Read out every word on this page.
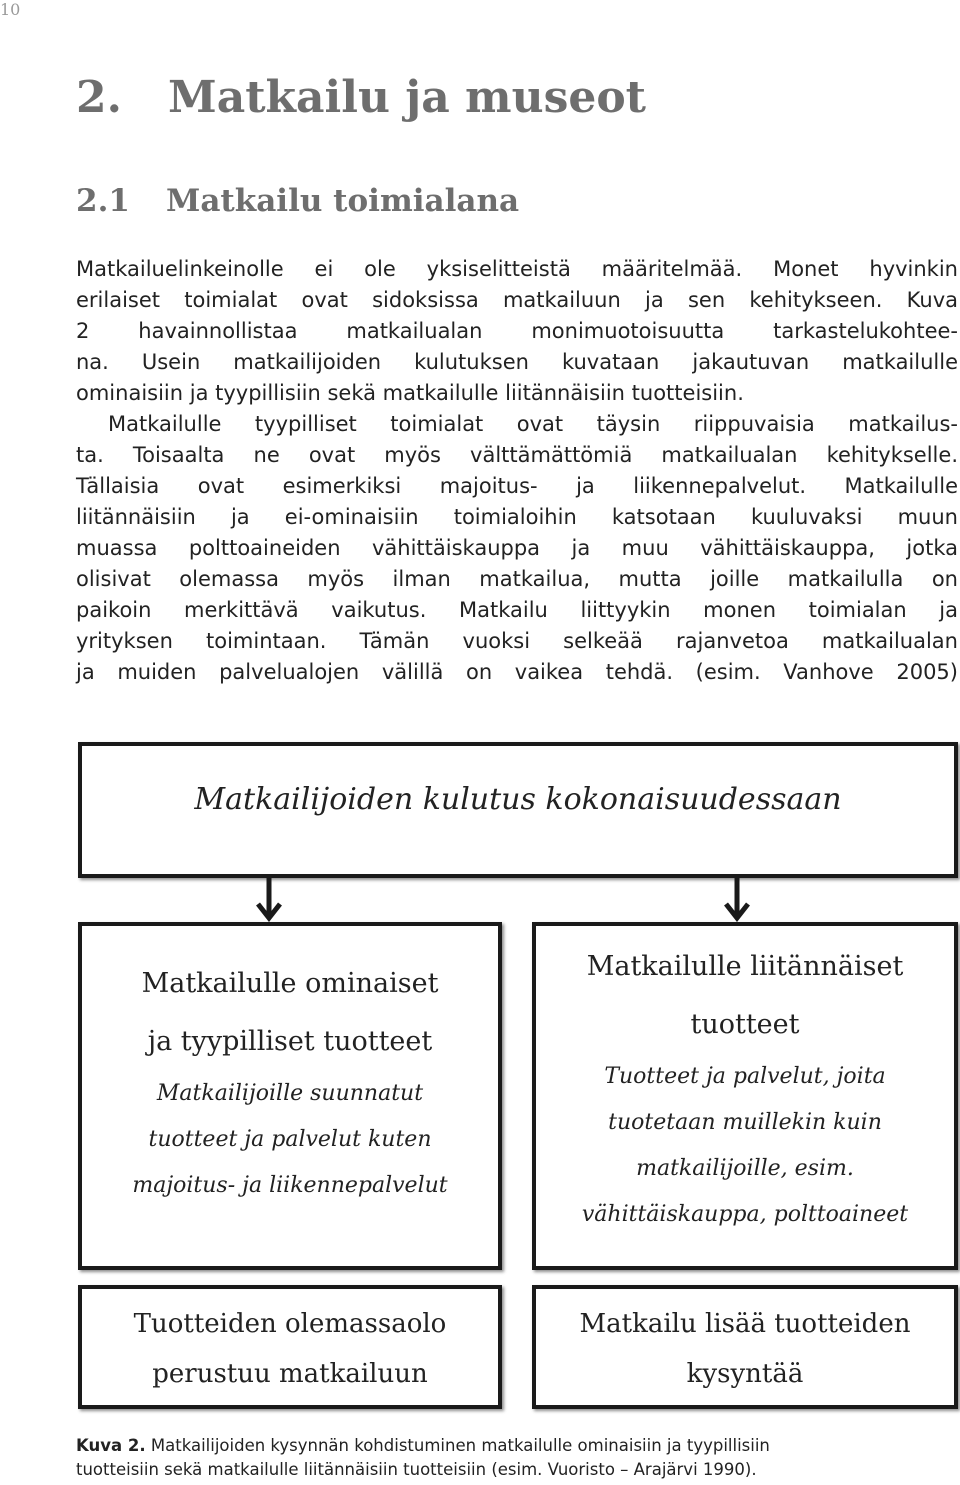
10
2. Matkailu ja museot
2.1 Matkailu toimialana
Matkailuelinkeinolle ei ole yksiselitteistä määritelmää. Monet hyvinkin
erilaiset toimialat ovat sidoksissa matkailuun ja sen kehitykseen. Kuva
2 havainnollistaa matkailualan monimuotoisuutta tarkastelukohtee-
na. Usein matkailijoiden kulutuksen kuvataan jakautuvan matkailulle
ominaisiin ja tyypillisiin sekä matkailulle liitännäisiin tuotteisiin.
Matkailulle tyypilliset toimialat ovat täysin riippuvaisia matkailus-
ta. Toisaalta ne ovat myös välttämättömiä matkailualan kehitykselle.
Tällaisia ovat esimerkiksi majoitus- ja liikennepalvelut. Matkailulle
liitännäisiin ja ei-ominaisiin toimialoihin katsotaan kuuluvaksi muun
muassa polttoaineiden vähittäiskauppa ja muu vähittäiskauppa, jotka
olisivat olemassa myös ilman matkailua, mutta joille matkailulla on
paikoin merkittävä vaikutus. Matkailu liittyykin monen toimialan ja
yrityksen toimintaan. Tämän vuoksi selkeää rajanvetoa matkailualan
ja muiden palvelualojen välillä on vaikea tehdä. (esim. Vanhove 2005)
Matkailijoiden kulutus kokonaisuudessaan
Matkailulle ominaiset
ja tyypilliset tuotteet
Matkailijoille suunnatut
tuotteet ja palvelut kuten
majoitus- ja liikennepalvelut
Matkailulle liitännäiset
tuotteet
Tuotteet ja palvelut, joita
tuotetaan muillekin kuin
matkailijoille, esim.
vähittäiskauppa, polttoaineet
Tuotteiden olemassaolo
perustuu matkailuun
Matkailu lisää tuotteiden
kysyntää
Kuva 2. Matkailijoiden kysynnän kohdistuminen matkailulle ominaisiin ja tyypillisiin
tuotteisiin sekä matkailulle liitännäisiin tuotteisiin (esim. Vuoristo – Arajärvi 1990).
